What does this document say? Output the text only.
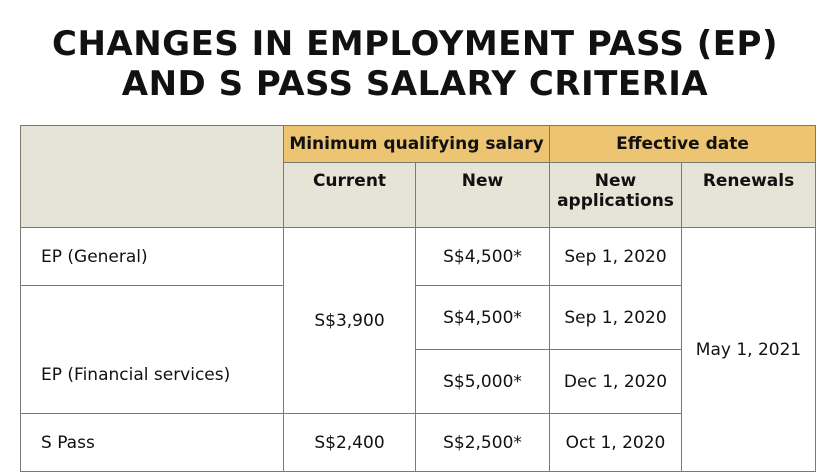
CHANGES IN EMPLOYMENT PASS (EP)
AND S PASS SALARY CRITERIA
	Minimum qualifying salary		Effective date	
	Current	New	New applications	Renewals
EP (General)	S$3,900	S$4,500*	Sep 1, 2020	May 1, 2021
EP (Financial services)		S$4,500*	Sep 1, 2020	
		S$5,000*	Dec 1, 2020	
S Pass	S$2,400	S$2,500*	Oct 1, 2020	
